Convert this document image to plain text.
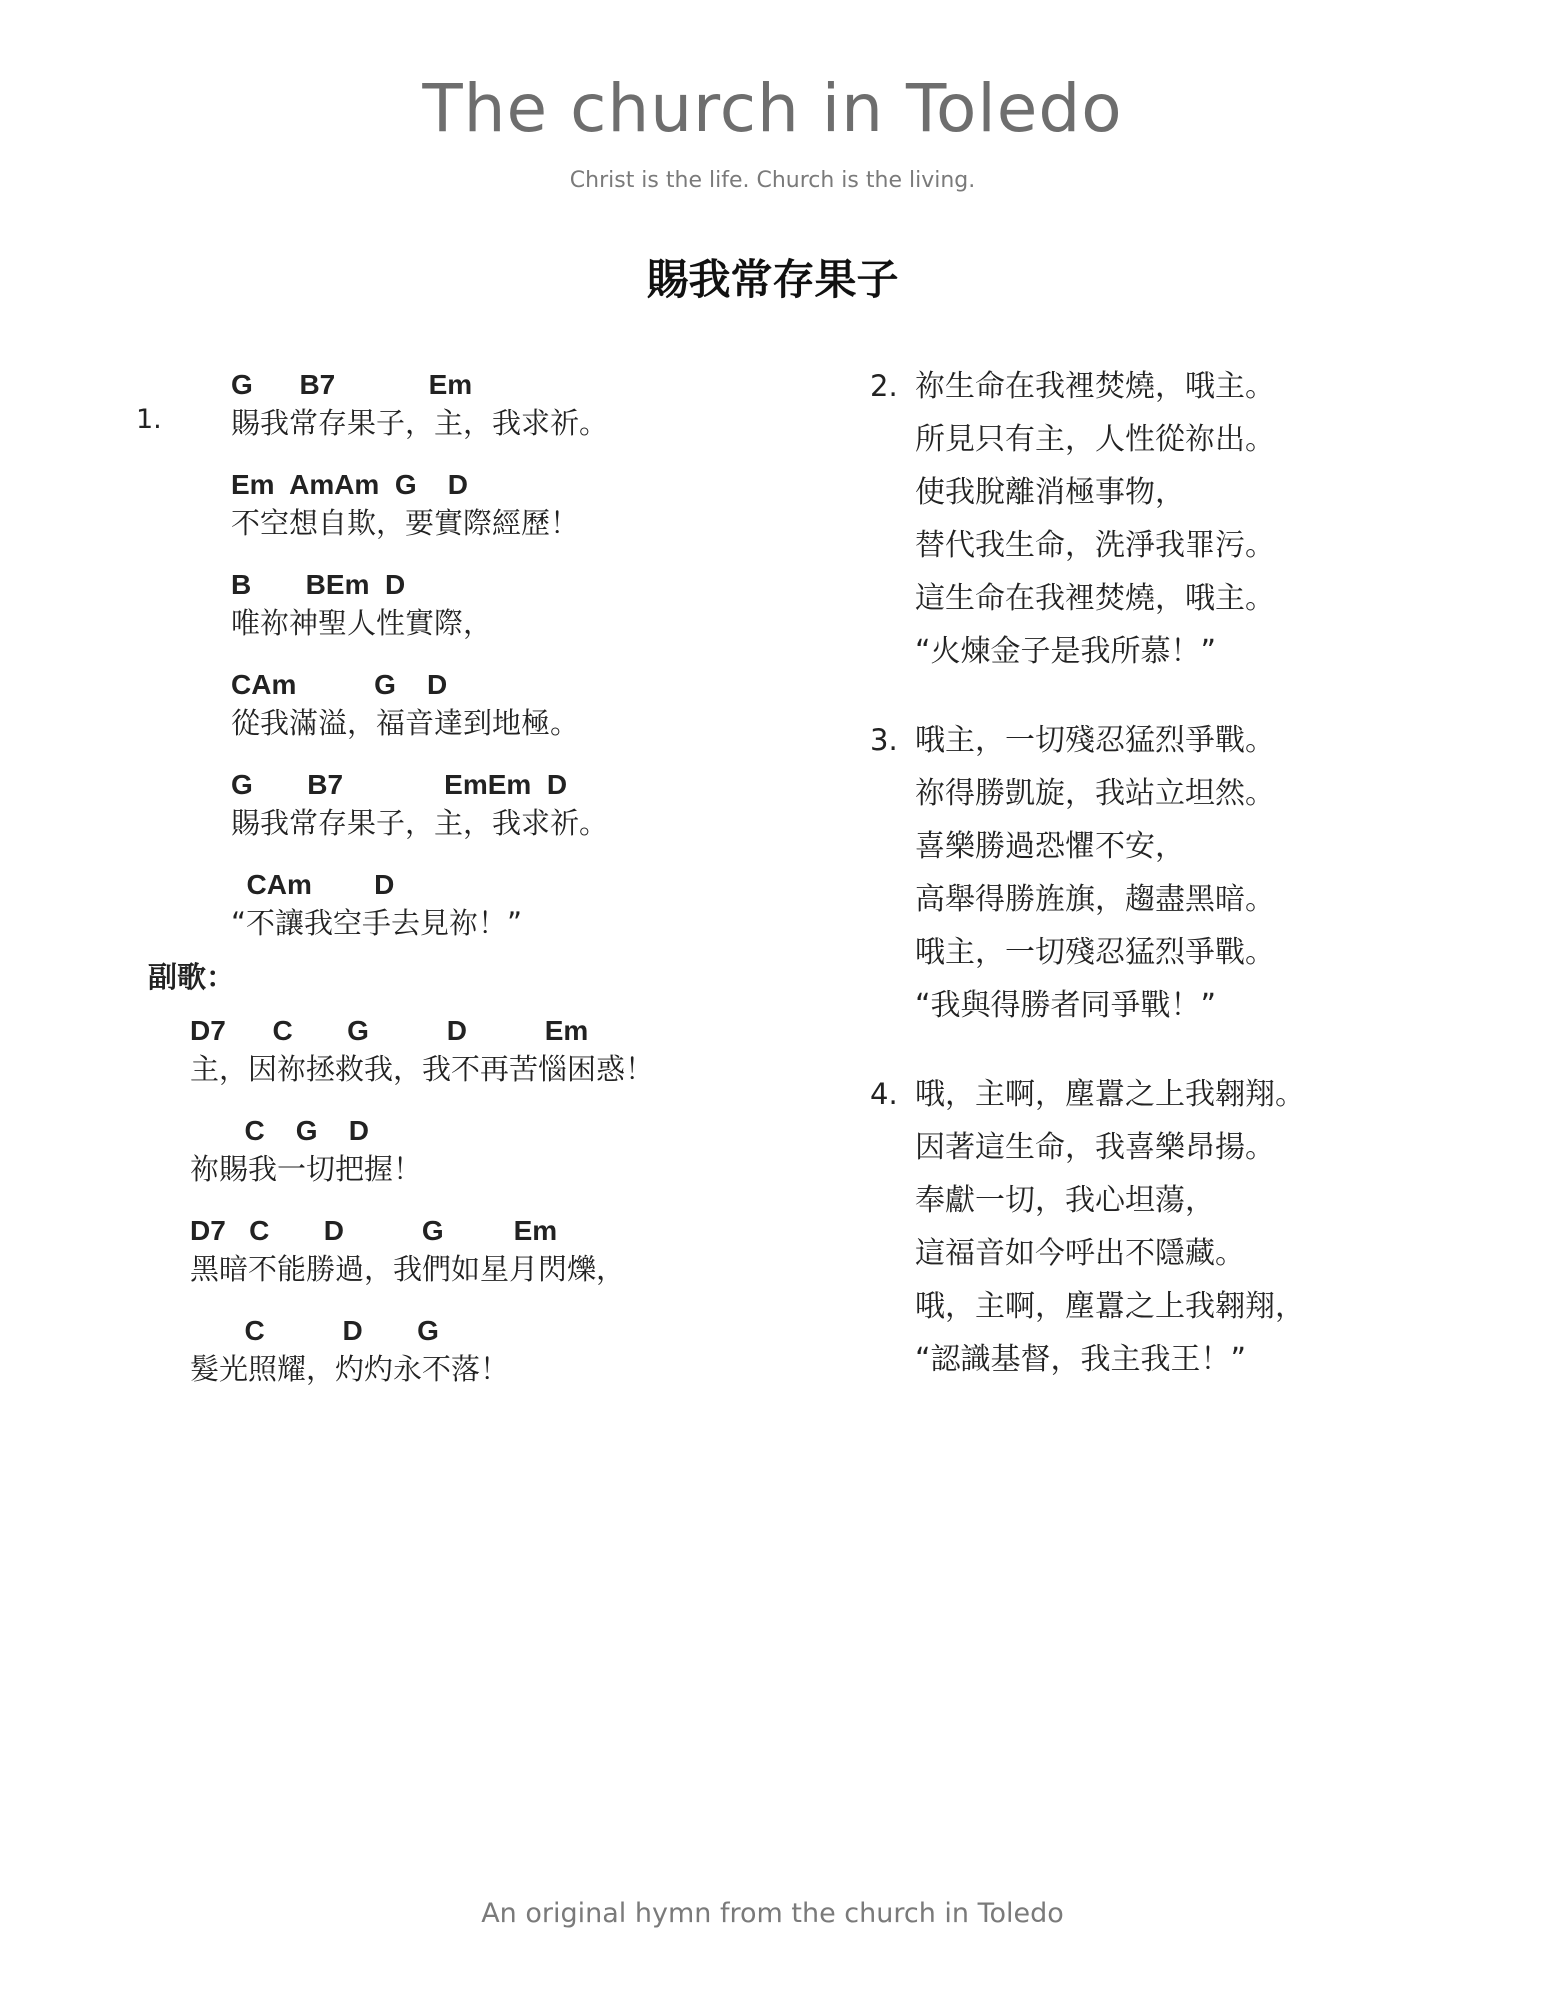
The church in Toledo
Christ is the life. Church is the living.
賜我常存果子
1.
G      B7            Em
賜我常存果子，主，我求祈。
Em  AmAm  G    D
不空想自欺，要實際經歷！
B       BEm  D
唯祢神聖人性實際，
CAm          G    D
從我滿溢，福音達到地極。
G       B7             EmEm  D
賜我常存果子，主，我求祈。
CAm        D
“不讓我空手去見祢！”
副歌：
D7      C       G          D          Em
主，因祢拯救我，我不再苦惱困惑！
C    G    D
祢賜我一切把握！
D7   C       D          G         Em
黑暗不能勝過，我們如星月閃爍，
C          D       G
髮光照耀，灼灼永不落！
2. 祢生命在我裡焚燒，哦主。
所見只有主，人性從祢出。
使我脫離消極事物，
替代我生命，洗淨我罪污。
這生命在我裡焚燒，哦主。
“火煉金子是我所慕！”
3. 哦主，一切殘忍猛烈爭戰。
祢得勝凱旋，我站立坦然。
喜樂勝過恐懼不安，
高舉得勝旌旗，趨盡黑暗。
哦主，一切殘忍猛烈爭戰。
“我與得勝者同爭戰！”
4. 哦，主啊，塵囂之上我翱翔。
因著這生命，我喜樂昂揚。
奉獻一切，我心坦蕩，
這福音如今呼出不隱藏。
哦，主啊，塵囂之上我翱翔，
“認識基督，我主我王！”
An original hymn from the church in Toledo
